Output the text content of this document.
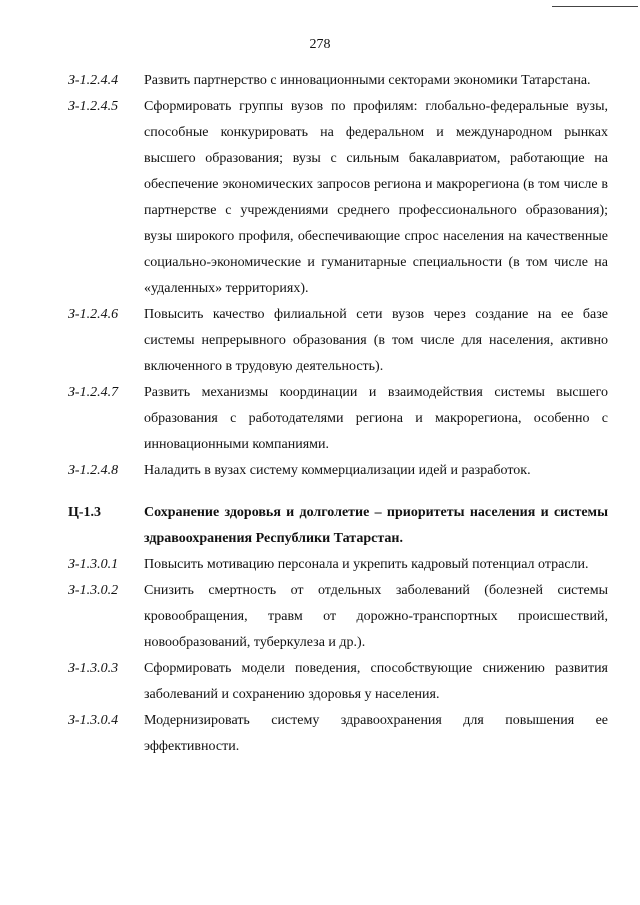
278
З-1.2.4.4	Развить партнерство с инновационными секторами экономики Татарстана.
З-1.2.4.5	Сформировать группы вузов по профилям: глобально-федеральные вузы, способные конкурировать на федеральном и международном рынках высшего образования; вузы с сильным бакалавриатом, работающие на обеспечение экономических запросов региона и макрорегиона (в том числе в партнерстве с учреждениями среднего профессионального образования); вузы широкого профиля, обеспечивающие спрос населения на качественные социально-экономические и гуманитарные специальности (в том числе на «удаленных» территориях).
З-1.2.4.6	Повысить качество филиальной сети вузов через создание на ее базе системы непрерывного образования (в том числе для населения, активно включенного в трудовую деятельность).
З-1.2.4.7	Развить механизмы координации и взаимодействия системы высшего образования с работодателями региона и макрорегиона, особенно с инновационными компаниями.
З-1.2.4.8	Наладить в вузах систему коммерциализации идей и разработок.
Ц-1.3	Сохранение здоровья и долголетие – приоритеты населения и системы здравоохранения Республики Татарстан.
З-1.3.0.1	Повысить мотивацию персонала и укрепить кадровый потенциал отрасли.
З-1.3.0.2	Снизить смертность от отдельных заболеваний (болезней системы кровообращения, травм от дорожно-транспортных происшествий, новообразований, туберкулеза и др.).
З-1.3.0.3	Сформировать модели поведения, способствующие снижению развития заболеваний и сохранению здоровья у населения.
З-1.3.0.4	Модернизировать систему здравоохранения для повышения ее эффективности.
